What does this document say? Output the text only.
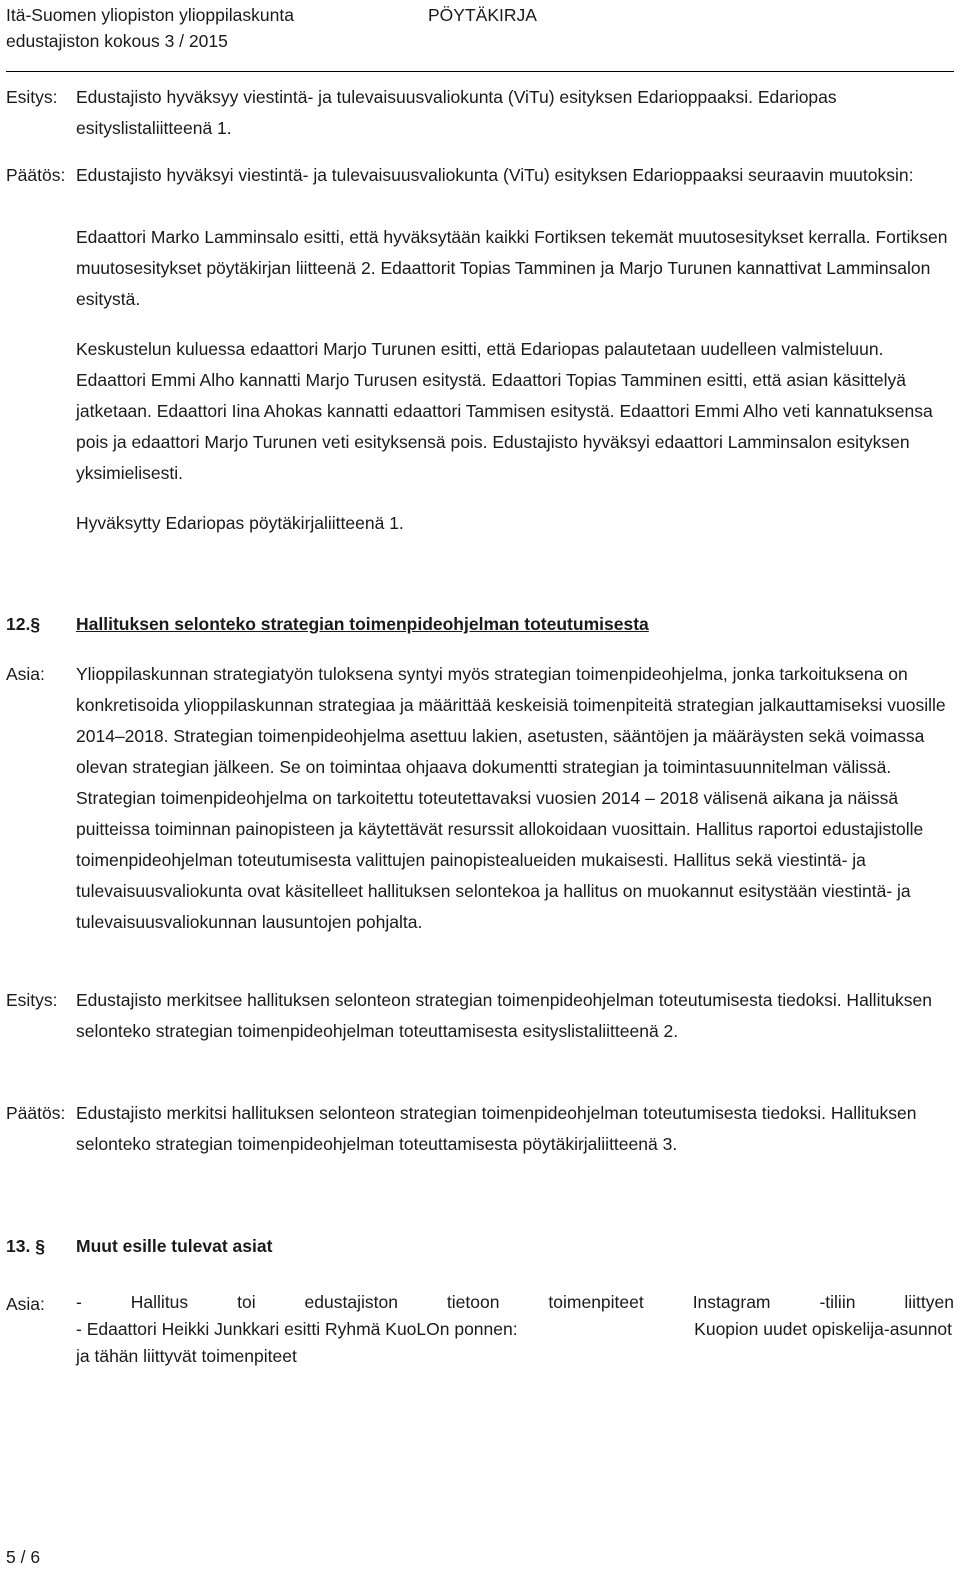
Itä-Suomen yliopiston ylioppilaskunta
edustajiston kokous 3 / 2015
PÖYTÄKIRJA
Esitys: Edustajisto hyväksyy viestintä- ja tulevaisuusvaliokunta (ViTu) esityksen Edarioppaaksi. Edariopas esityslistaliitteenä 1.
Päätös: Edustajisto hyväksyi viestintä- ja tulevaisuusvaliokunta (ViTu) esityksen Edarioppaaksi seuraavin muutoksin:
Edaattori Marko Lamminsalo esitti, että hyväksytään kaikki Fortiksen tekemät muutosesitykset kerralla. Fortiksen muutosesitykset pöytäkirjan liitteenä 2. Edaattorit Topias Tamminen ja Marjo Turunen kannattivat Lamminsalon esitystä.
Keskustelun kuluessa edaattori Marjo Turunen esitti, että Edariopas palautetaan uudelleen valmisteluun. Edaattori Emmi Alho kannatti Marjo Turusen esitystä. Edaattori Topias Tamminen esitti, että asian käsittelyä jatketaan. Edaattori Iina Ahokas kannatti edaattori Tammisen esitystä. Edaattori Emmi Alho veti kannatuksensa pois ja edaattori Marjo Turunen veti esityksensä pois. Edustajisto hyväksyi edaattori Lamminsalon esityksen yksimielisesti.
Hyväksytty Edariopas pöytäkirjaliitteenä 1.
12.§ Hallituksen selonteko strategian toimenpideohjelman toteutumisesta
Asia: Ylioppilaskunnan strategiatyön tuloksena syntyi myös strategian toimenpideohjelma, jonka tarkoituksena on konkretisoida ylioppilaskunnan strategiaa ja määrittää keskeisiä toimenpiteitä strategian jalkauttamiseksi vuosille 2014–2018. Strategian toimenpideohjelma asettuu lakien, asetusten, sääntöjen ja määräysten sekä voimassa olevan strategian jälkeen. Se on toimintaa ohjaava dokumentti strategian ja toimintasuunnitelman välissä. Strategian toimenpideohjelma on tarkoitettu toteutettavaksi vuosien 2014 – 2018 välisenä aikana ja näissä puitteissa toiminnan painopisteen ja käytettävät resurssit allokoidaan vuosittain. Hallitus raportoi edustajistolle toimenpideohjelman toteutumisesta valittujen painopistealueiden mukaisesti. Hallitus sekä viestintä- ja tulevaisuusvaliokunta ovat käsitelleet hallituksen selontekoa ja hallitus on muokannut esitystään viestintä- ja tulevaisuusvaliokunnan lausuntojen pohjalta.
Esitys: Edustajisto merkitsee hallituksen selonteon strategian toimenpideohjelman toteutumisesta tiedoksi. Hallituksen selonteko strategian toimenpideohjelman toteuttamisesta esityslistaliitteenä 2.
Päätös: Edustajisto merkitsi hallituksen selonteon strategian toimenpideohjelman toteutumisesta tiedoksi. Hallituksen selonteko strategian toimenpideohjelman toteuttamisesta pöytäkirjaliitteenä 3.
13. § Muut esille tulevat asiat
Asia: - Hallitus toi edustajiston tietoon toimenpiteet Instagram -tiliin liittyen
- Edaattori Heikki Junkkari esitti Ryhmä KuoLOn ponnen:	Kuopion uudet opiskelija-asunnot
ja tähän liittyvät toimenpiteet
5 / 6
